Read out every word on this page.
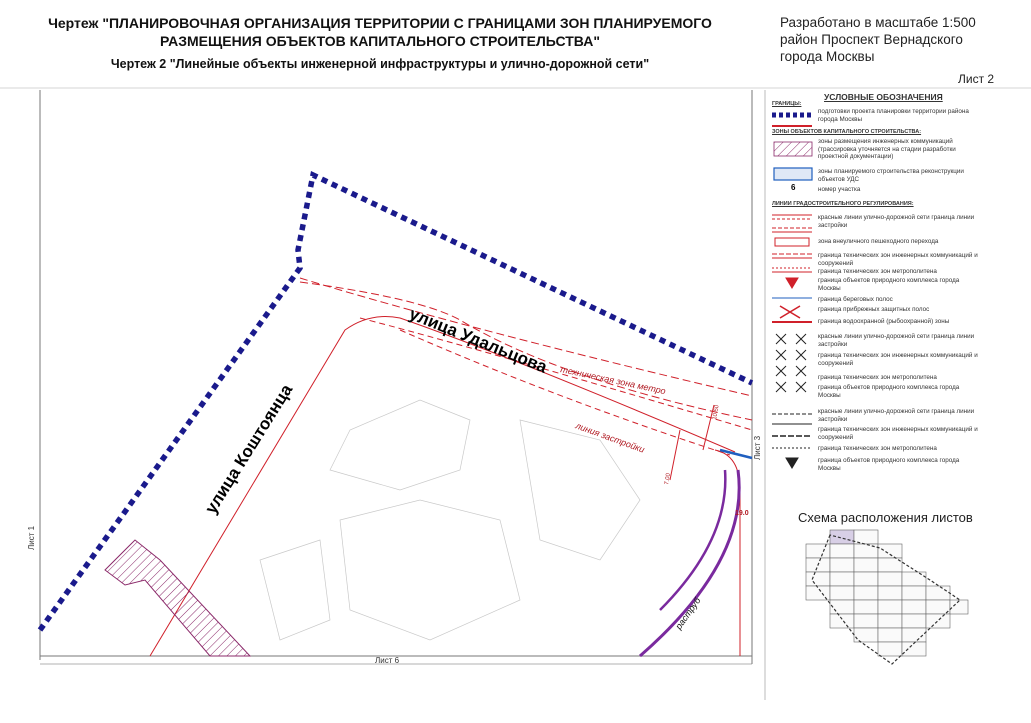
Чертеж "ПЛАНИРОВОЧНАЯ ОРГАНИЗАЦИЯ ТЕРРИТОРИИ С ГРАНИЦАМИ ЗОН ПЛАНИРУЕМОГО
РАЗМЕЩЕНИЯ ОБЪЕКТОВ КАПИТАЛЬНОГО СТРОИТЕЛЬСТВА"
Чертеж 2 "Линейные объекты инженерной инфраструктуры и улично-дорожной сети"
Разработано в масштабе 1:500
район Проспект Вернадского
города Москвы
Лист 2
улица Удальцова
улица Коштоянца
техническая зона метро
линия застройки
раструб
10.50
7.00
19.0
Лист 1
Лист 3
Лист 6
6
УСЛОВНЫЕ ОБОЗНАЧЕНИЯ
ГРАНИЦЫ:
подготовки проекта планировки территории района города Москвы
ЗОНЫ ОБЪЕКТОВ КАПИТАЛЬНОГО СТРОИТЕЛЬСТВА:
зоны размещения инженерных коммуникаций (трассировка уточняется на стадии разработки проектной документации)
зоны планируемого строительства реконструкции объектов УДС
номер участка
ЛИНИИ ГРАДОСТРОИТЕЛЬНОГО РЕГУЛИРОВАНИЯ:
красные линии улично-дорожной сети граница линии застройки
зона внеуличного пешеходного перехода
граница технических зон инженерных коммуникаций и сооружений
граница технических зон метрополитена
граница объектов природного комплекса города Москвы
граница береговых полос
граница прибрежных защитных полос
граница водоохранной (рыбоохранной) зоны
красные линии улично-дорожной сети граница линии застройки
граница технических зон инженерных коммуникаций и сооружений
граница технических зон метрополитена
граница объектов природного комплекса города Москвы
красные линии улично-дорожной сети граница линии застройки
граница технических зон инженерных коммуникаций и сооружений
граница технических зон метрополитена
граница объектов природного комплекса города Москвы
Схема расположения листов
